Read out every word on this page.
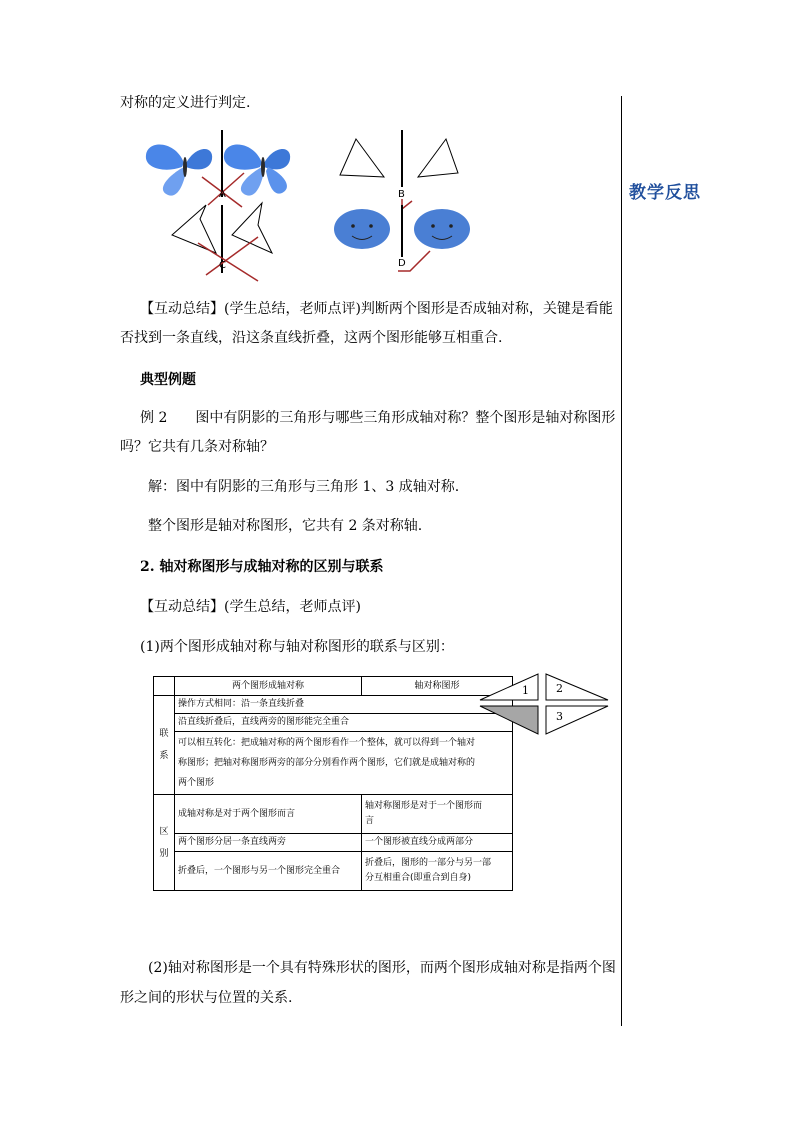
教学反思
对称的定义进行判定.
A
C
B
D
【互动总结】(学生总结，老师点评)判断两个图形是否成轴对称，关键是看能
否找到一条直线，沿这条直线折叠，这两个图形能够互相重合.
典型例题
例 2　　图中有阴影的三角形与哪些三角形成轴对称？整个图形是轴对称图形
吗？它共有几条对称轴？
解：图中有阴影的三角形与三角形 1、3 成轴对称.
整个图形是轴对称图形，它共有 2 条对称轴.
2. 轴对称图形与成轴对称的区别与联系
【互动总结】(学生总结，老师点评)
(1)两个图形成轴对称与轴对称图形的联系与区别：
	两个图形成轴对称	轴对称图形
联系	操作方式相同：沿一条直线折叠	
	沿直线折叠后，直线两旁的图形能完全重合	

	可以相互转化：把成轴对称的两个图形看作一个整体，就可以得到一个轴对
称图形；把轴对称图形两旁的部分分别看作两个图形，它们就是成轴对称的
两个图形	

区别	成轴对称是对于两个图形而言	轴对称图形是对于一个图形而
言

	两个图形分居一条直线两旁	一个图形被直线分成两部分
	折叠后，一个图形与另一个图形完全重合	折叠后，图形的一部分与另一部
分互相重合(即重合到自身)
1 2
3
(2)轴对称图形是一个具有特殊形状的图形，而两个图形成轴对称是指两个图
形之间的形状与位置的关系.
